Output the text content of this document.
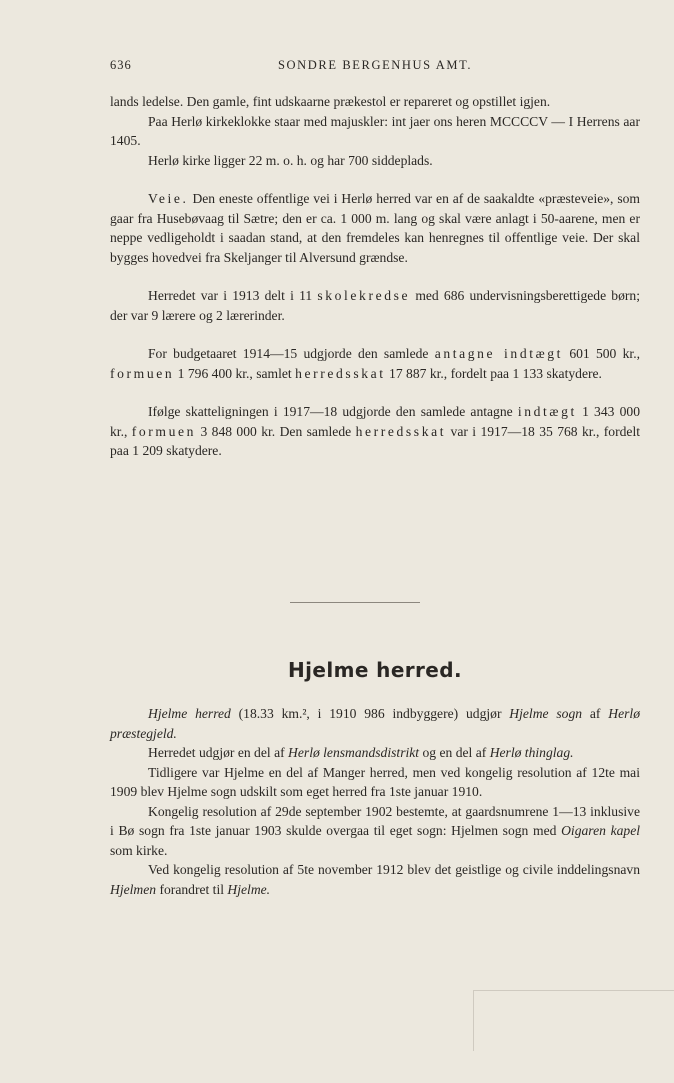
636	SONDRE BERGENHUS AMT.

lands ledelse. Den gamle, fint udskaarne prækestol er repareret og opstillet igjen.

Paa Herlø kirkeklokke staar med majuskler: int jaer ons heren MCCCCV — I Herrens aar 1405.

Herlø kirke ligger 22 m. o. h. og har 700 siddeplads.

Veie. Den eneste offentlige vei i Herlø herred var en af de saakaldte «præsteveie», som gaar fra Husebøvaag til Sætre; den er ca. 1 000 m. lang og skal være anlagt i 50-aarene, men er neppe vedligeholdt i saadan stand, at den fremdeles kan henregnes til offentlige veie. Der skal bygges hovedvei fra Skeljanger til Alversund grændse.

Herredet var i 1913 delt i 11 skolekredse med 686 undervisningsberettigede børn; der var 9 lærere og 2 lærerinder.

For budgetaaret 1914—15 udgjorde den samlede antagne indtægt 601 500 kr., formuen 1 796 400 kr., samlet herredsskat 17 887 kr., fordelt paa 1 133 skatydere.

Ifølge skatteligningen i 1917—18 udgjorde den samlede antagne indtægt 1 343 000 kr., formuen 3 848 000 kr. Den samlede herredsskat var i 1917—18 35 768 kr., fordelt paa 1 209 skatydere.

Hjelme herred.

Hjelme herred (18.33 km.², i 1910 986 indbyggere) udgjør Hjelme sogn af Herlø præstegjeld.

Herredet udgjør en del af Herlø lensmandsdistrikt og en del af Herlø thinglag.

Tidligere var Hjelme en del af Manger herred, men ved kongelig resolution af 12te mai 1909 blev Hjelme sogn udskilt som eget herred fra 1ste januar 1910.

Kongelig resolution af 29de september 1902 bestemte, at gaardsnumrene 1—13 inklusive i Bø sogn fra 1ste januar 1903 skulde overgaa til eget sogn: Hjelmen sogn med Oigaren kapel som kirke.

Ved kongelig resolution af 5te november 1912 blev det geistlige og civile inddelingsnavn Hjelmen forandret til Hjelme.
